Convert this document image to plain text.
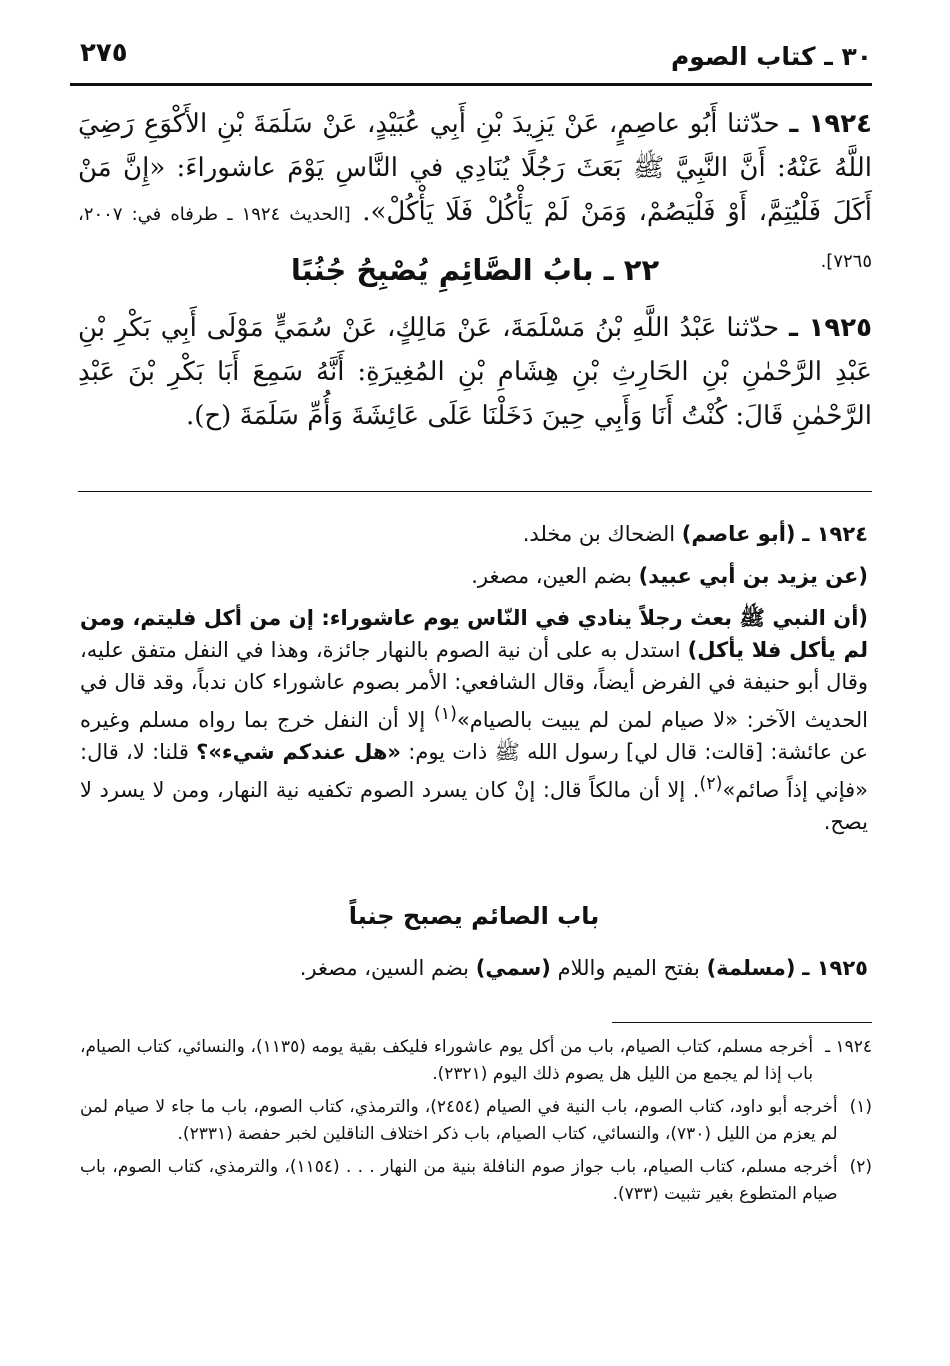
٣٠ ـ كتاب الصوم
٢٧٥
١٩٢٤ ـ حدّثنا أَبُو عاصِمٍ، عَنْ يَزِيدَ بْنِ أَبِي عُبَيْدٍ، عَنْ سَلَمَةَ بْنِ الأَكْوَعِ رَضِيَ اللَّهُ عَنْهُ: أَنَّ النَّبِيَّ ﷺ بَعَثَ رَجُلًا يُنَادِي في النَّاسِ يَوْمَ عاشوراءَ: «إِنَّ مَنْ أَكَلَ فَلْيُتِمَّ، أَوْ فَلْيَصُمْ، وَمَنْ لَمْ يَأْكُلْ فَلَا يَأْكُلْ». [الحديث ١٩٢٤ ـ طرفاه في: ٢٠٠٧، ٧٢٦٥].
٢٢ ـ بابُ الصَّائِمِ يُصْبِحُ جُنُبًا
١٩٢٥ ـ حدّثنا عَبْدُ اللَّهِ بْنُ مَسْلَمَةَ، عَنْ مَالِكٍ، عَنْ سُمَيٍّ مَوْلَى أَبِي بَكْرِ بْنِ عَبْدِ الرَّحْمٰنِ بْنِ الحَارِثِ بْنِ هِشَامِ بْنِ المُغِيرَةِ: أَنَّهُ سَمِعَ أَبَا بَكْرِ بْنَ عَبْدِ الرَّحْمٰنِ قَالَ: كُنْتُ أَنَا وَأَبِي حِينَ دَخَلْنَا عَلَى عَائِشَةَ وَأُمِّ سَلَمَةَ (ح).
١٩٢٤ ـ (أبو عاصم) الضحاك بن مخلد.
(عن يزيد بن أبي عبيد) بضم العين، مصغر.
(أن النبي ﷺ بعث رجلاً ينادي في النّاس يوم عاشوراء: إن من أكل فليتم، ومن لم يأكل فلا يأكل) استدل به على أن نية الصوم بالنهار جائزة، وهذا في النفل متفق عليه، وقال أبو حنيفة في الفرض أيضاً، وقال الشافعي: الأمر بصوم عاشوراء كان ندباً، وقد قال في الحديث الآخر: «لا صيام لمن لم يبيت بالصيام»$^{(١)}$ إلا أن النفل خرج بما رواه مسلم وغيره عن عائشة: [قالت: قال لي] رسول الله ﷺ ذات يوم: «هل عندكم شيء»؟ قلنا: لا، قال: «فإني إذاً صائم»$^{(٢)}$. إلا أن مالكاً قال: إنْ كان يسرد الصوم تكفيه نية النهار، ومن لا يسرد لا يصح.
باب الصائم يصبح جنباً
١٩٢٥ ـ (مسلمة) بفتح الميم واللام (سمي) بضم السين، مصغر.
١٩٢٤ ـ
أخرجه مسلم، كتاب الصيام، باب من أكل يوم عاشوراء فليكف بقية يومه (١١٣٥)، والنسائي، كتاب الصيام، باب إذا لم يجمع من الليل هل يصوم ذلك اليوم (٢٣٢١).
(١)
أخرجه أبو داود، كتاب الصوم، باب النية في الصيام (٢٤٥٤)، والترمذي، كتاب الصوم، باب ما جاء لا صيام لمن لم يعزم من الليل (٧٣٠)، والنسائي، كتاب الصيام، باب ذكر اختلاف الناقلين لخبر حفصة (٢٣٣١).
(٢)
أخرجه مسلم، كتاب الصيام، باب جواز صوم النافلة بنية من النهار . . . (١١٥٤)، والترمذي، كتاب الصوم، باب صيام المتطوع بغير تثبيت (٧٣٣).
